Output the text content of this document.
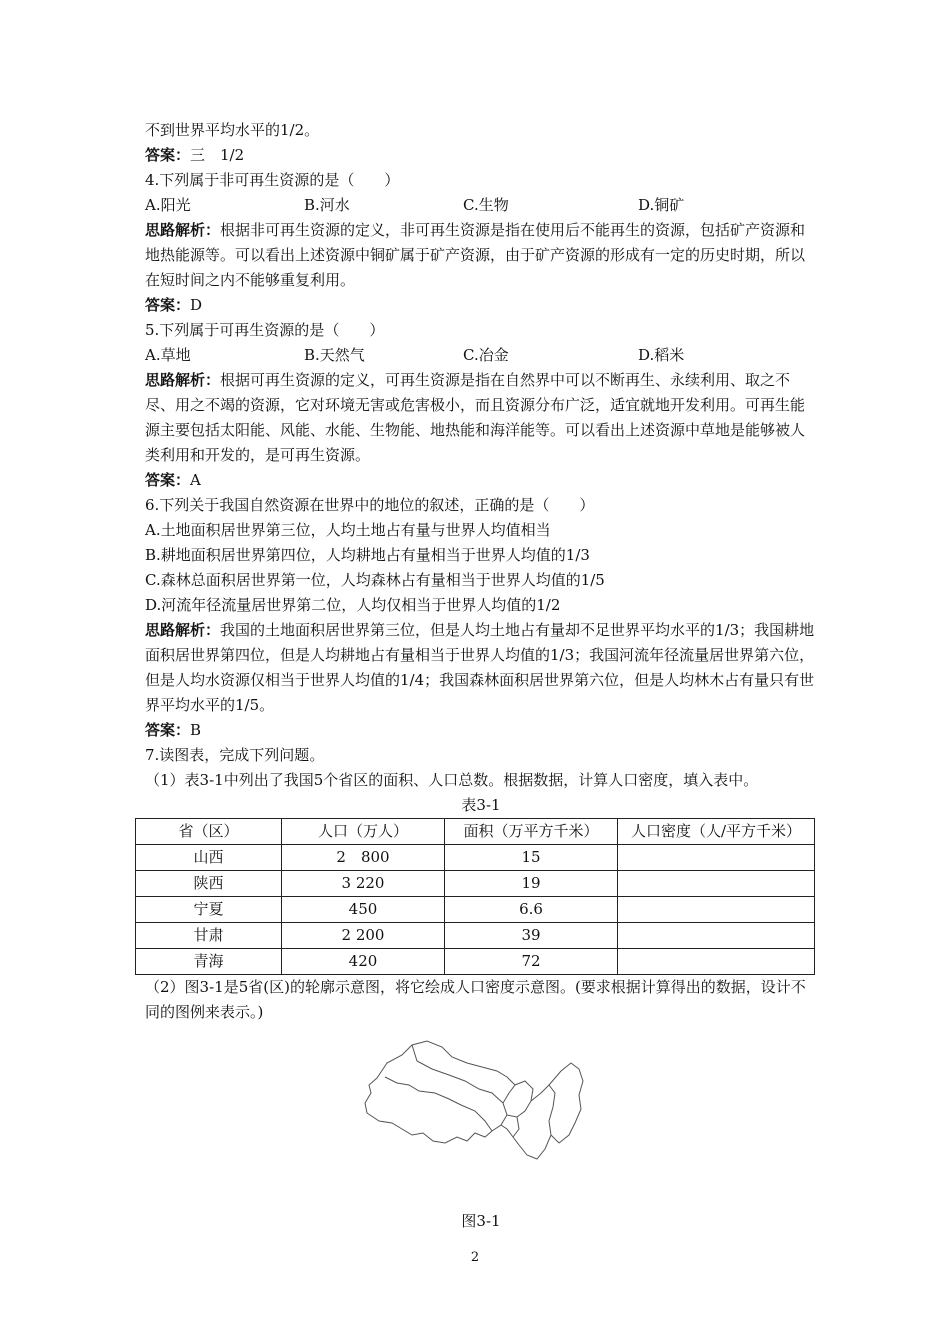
不到世界平均水平的1/2。
答案：三　1/2
4.下列属于非可再生资源的是（　　）
A.阳光	B.河水	C.生物	D.铜矿
思路解析：根据非可再生资源的定义，非可再生资源是指在使用后不能再生的资源，包括矿产资源和地热能源等。可以看出上述资源中铜矿属于矿产资源，由于矿产资源的形成有一定的历史时期，所以在短时间之内不能够重复利用。
答案：D
5.下列属于可再生资源的是（　　）
A.草地	B.天然气	C.冶金	D.稻米
思路解析：根据可再生资源的定义，可再生资源是指在自然界中可以不断再生、永续利用、取之不尽、用之不竭的资源，它对环境无害或危害极小，而且资源分布广泛，适宜就地开发利用。可再生能源主要包括太阳能、风能、水能、生物能、地热能和海洋能等。可以看出上述资源中草地是能够被人类利用和开发的，是可再生资源。
答案：A
6.下列关于我国自然资源在世界中的地位的叙述，正确的是（　　）
A.土地面积居世界第三位，人均土地占有量与世界人均值相当
B.耕地面积居世界第四位，人均耕地占有量相当于世界人均值的1/3
C.森林总面积居世界第一位，人均森林占有量相当于世界人均值的1/5
D.河流年径流量居世界第二位，人均仅相当于世界人均值的1/2
思路解析：我国的土地面积居世界第三位，但是人均土地占有量却不足世界平均水平的1/3；我国耕地面积居世界第四位，但是人均耕地占有量相当于世界人均值的1/3；我国河流年径流量居世界第六位，但是人均水资源仅相当于世界人均值的1/4；我国森林面积居世界第六位，但是人均林木占有量只有世界平均水平的1/5。
答案：B
7.读图表，完成下列问题。
（1）表3-1中列出了我国5个省区的面积、人口总数。根据数据，计算人口密度，填入表中。
表3-1
省（区）	人口（万人）	面积（万平方千米）	人口密度（人/平方千米）
山西	2　800	15	
陕西	3 220	19	
宁夏	450	6.6	
甘肃	2 200	39	
青海	420	72	
（2）图3-1是5省(区)的轮廓示意图，将它绘成人口密度示意图。(要求根据计算得出的数据，设计不同的图例来表示。)
图3-1
2
